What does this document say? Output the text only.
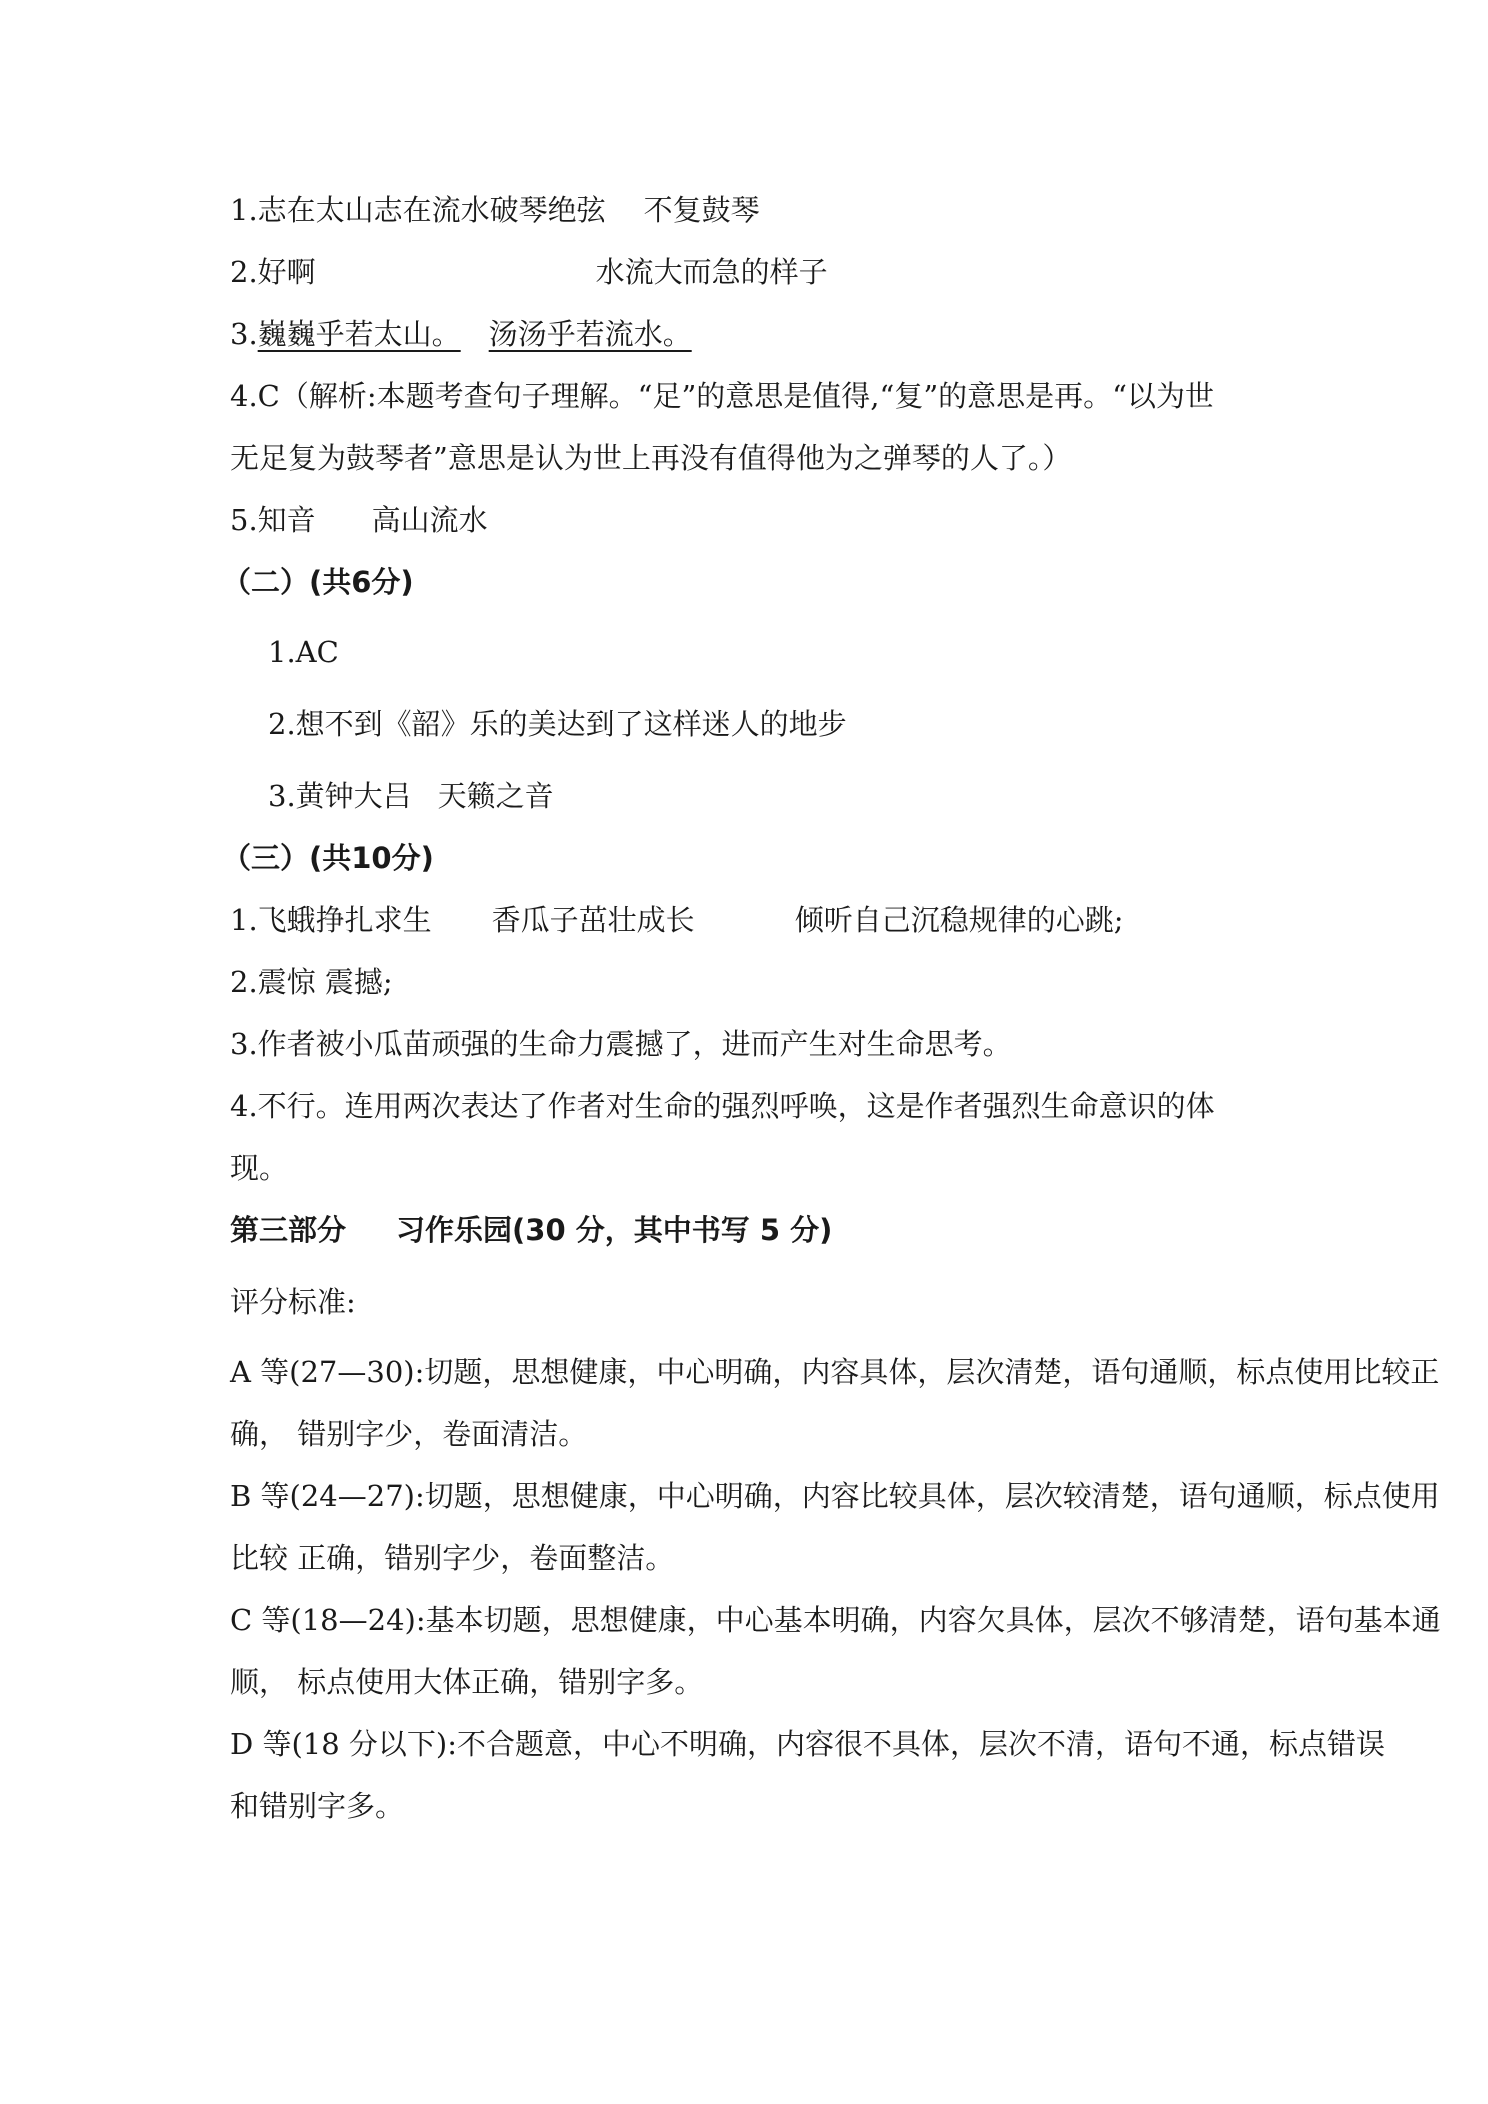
1.志在太山志在流水破琴绝弦 不复鼓琴
2.好啊	水流大而急的样子
3.巍巍乎若太山。 汤汤乎若流水。
4.C（解析:本题考查句子理解。“足”的意思是值得,“复”的意思是再。“以为世
无足复为鼓琴者”意思是认为世上再没有值得他为之弹琴的人了。）
5.知音 高山流水
（二）(共6分)
1.AC
2.想不到《韶》乐的美达到了这样迷人的地步
3.黄钟大吕 天籁之音
（三）(共10分)
1.飞蛾挣扎求生 香瓜子茁壮成长	倾听自己沉稳规律的心跳;
2.震惊 震撼;
3.作者被小瓜苗顽强的生命力震撼了，进而产生对生命思考。
4.不行。连用两次表达了作者对生命的强烈呼唤，这是作者强烈生命意识的体
现。
第三部分 习作乐园(30 分，其中书写 5 分)
评分标准:
A 等(27—30):切题，思想健康，中心明确，内容具体，层次清楚，语句通顺，标点使用比较正
确， 错别字少，卷面清洁。
B 等(24—27):切题，思想健康，中心明确，内容比较具体，层次较清楚，语句通顺，标点使用
比较 正确，错别字少，卷面整洁。
C 等(18—24):基本切题，思想健康，中心基本明确，内容欠具体，层次不够清楚，语句基本通
顺， 标点使用大体正确，错别字多。
D 等(18 分以下):不合题意，中心不明确，内容很不具体，层次不清，语句不通，标点错误
和错别字多。
